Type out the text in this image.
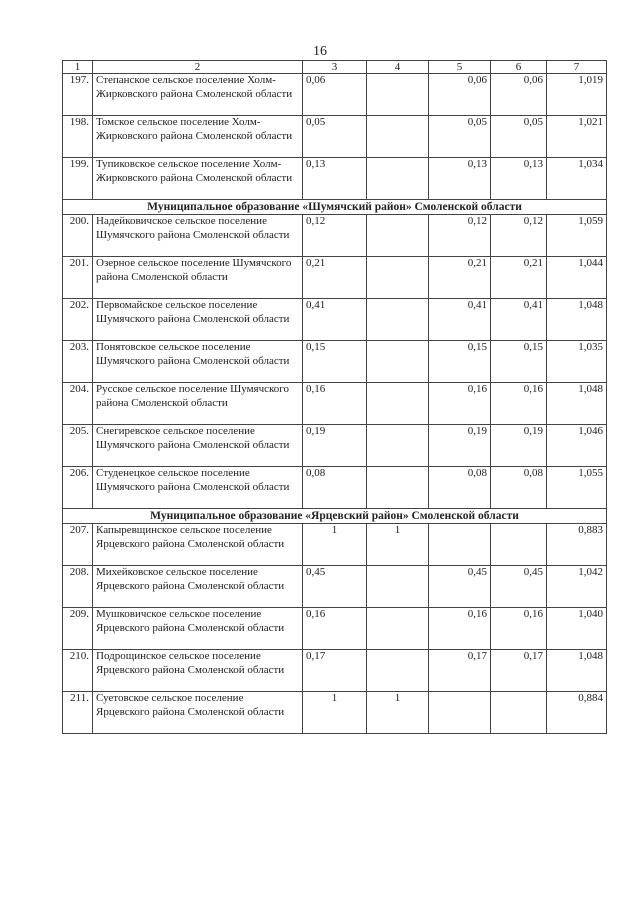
16
1	2	3	4	5	6	7
197.	Степанское сельское поселение Холм-Жирковского района Смоленской области	0,06		0,06	0,06	1,019
198.	Томское сельское поселение Холм-Жирковского района Смоленской области	0,05		0,05	0,05	1,021
199.	Тупиковское сельское поселение Холм-Жирковского района Смоленской области	0,13		0,13	0,13	1,034
Муниципальное образование «Шумячский район» Смоленской области						
200.	Надейковичское сельское поселение Шумячского района Смоленской области	0,12		0,12	0,12	1,059
201.	Озерное сельское поселение Шумячского района Смоленской области	0,21		0,21	0,21	1,044
202.	Первомайское сельское поселение Шумячского района Смоленской области	0,41		0,41	0,41	1,048
203.	Понятовское сельское поселение Шумячского района Смоленской области	0,15		0,15	0,15	1,035
204.	Русское сельское поселение Шумячского района Смоленской области	0,16		0,16	0,16	1,048
205.	Снегиревское сельское поселение Шумячского района Смоленской области	0,19		0,19	0,19	1,046
206.	Студенецкое сельское поселение Шумячского района Смоленской области	0,08		0,08	0,08	1,055
Муниципальное образование «Ярцевский район» Смоленской области						
207.	Капыревщинское сельское поселение Ярцевского района Смоленской области	1	1			0,883
208.	Михейковское сельское поселение Ярцевского района Смоленской области	0,45		0,45	0,45	1,042
209.	Мушковичское сельское поселение Ярцевского района Смоленской области	0,16		0,16	0,16	1,040
210.	Подрощинское сельское поселение Ярцевского района Смоленской области	0,17		0,17	0,17	1,048
211.	Суетовское сельское поселение Ярцевского района Смоленской области	1	1			0,884
